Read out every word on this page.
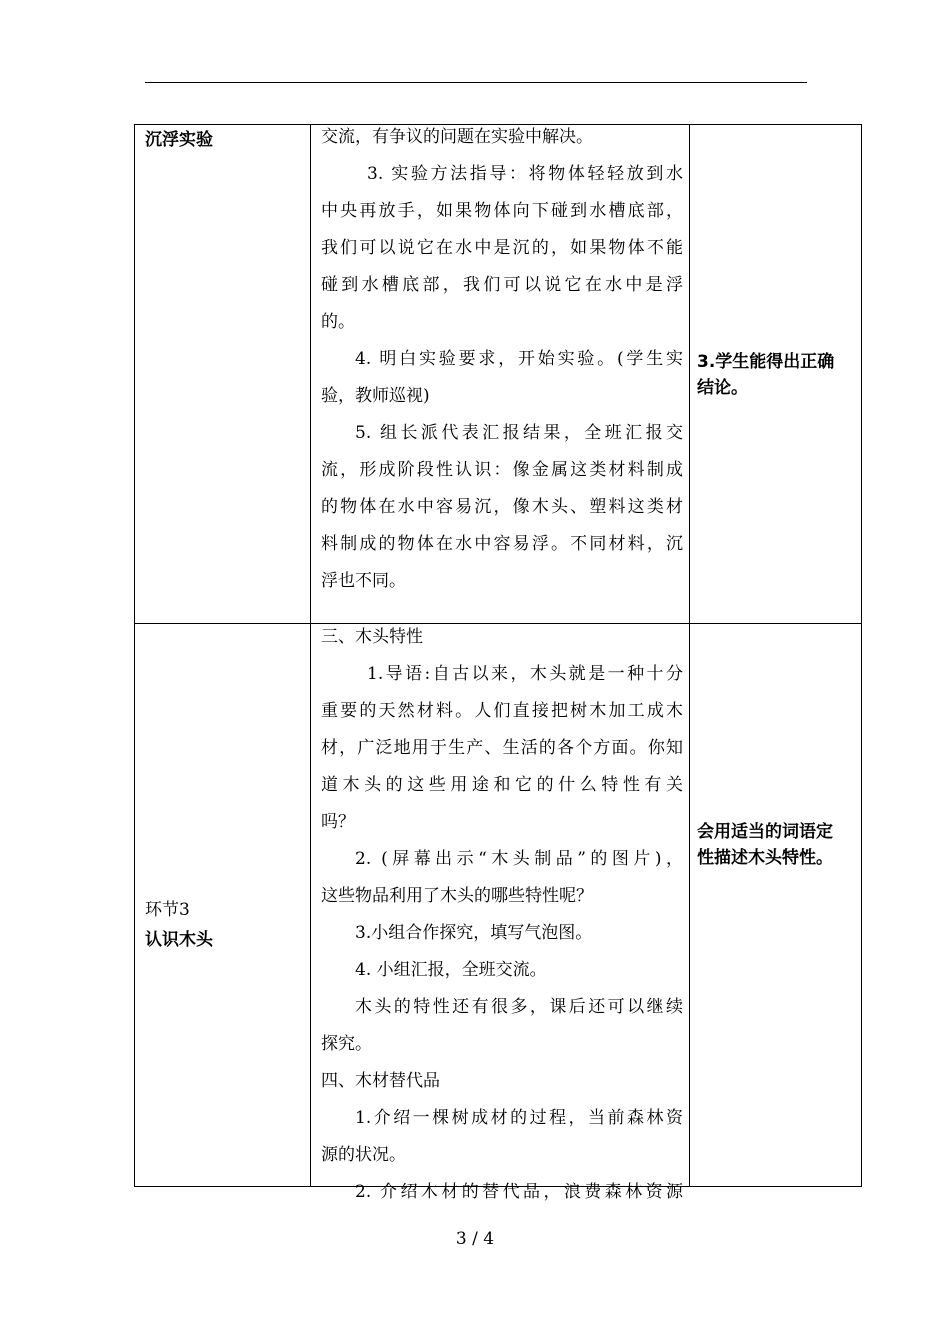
沉浮实验	交流，有争议的问题在实验中解决。
3. 实验方法指导：将物体轻轻放到水
中央再放手，如果物体向下碰到水槽底部，
我们可以说它在水中是沉的，如果物体不能
碰到水槽底部，我们可以说它在水中是浮
的。
4. 明白实验要求，开始实验。(学生实
验，教师巡视)
5. 组长派代表汇报结果，全班汇报交
流，形成阶段性认识：像金属这类材料制成
的物体在水中容易沉，像木头、塑料这类材
料制成的物体在水中容易浮。不同材料，沉
浮也不同。
3.学生能得出正确
结论。
环节3
认识木头
三、木头特性
1.导语:自古以来，木头就是一种十分
重要的天然材料。人们直接把树木加工成木
材，广泛地用于生产、生活的各个方面。你知
道木头的这些用途和它的什么特性有关
吗？
2. (屏幕出示“木头制品”的图片)，
这些物品利用了木头的哪些特性呢？
3.小组合作探究，填写气泡图。
4. 小组汇报，全班交流。
木头的特性还有很多，课后还可以继续
探究。
四、木材替代品
1.介绍一棵树成材的过程，当前森林资
源的状况。
2. 介绍木材的替代品，浪费森林资源
会用适当的词语定
性描述木头特性。
3 / 4
